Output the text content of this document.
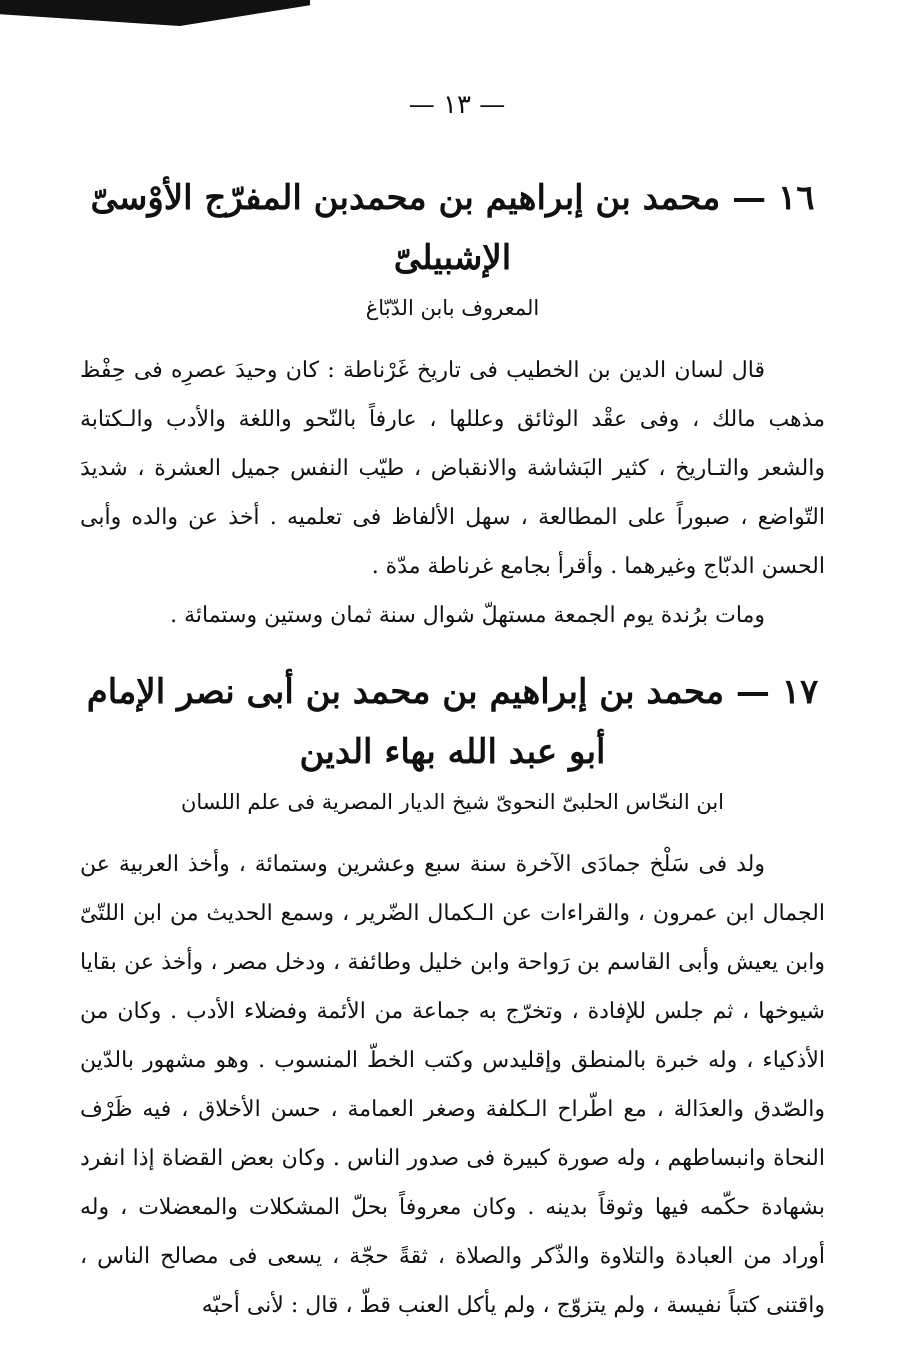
— ١٣ —
١٦ — محمد بن إبراهيم بن محمدبن المفرّج الأوْسىّ الإشبيلىّ
المعروف بابن الدّبّاغ

قال لسان الدين بن الخطيب فى تاريخ غَرْناطة : كان وحيدَ عصرِه فى حِفْظ مذهب مالك ، وفى عقْد الوثائق وعللها ، عارفاً بالنّحو واللغة والأدب والـكتابة والشعر والتـاريخ ، كثير البَشاشة والانقباض ، طيّب النفس جميل العشرة ، شديدَ التّواضع ، صبوراً على المطالعة ، سهل الألفاظ فى تعلميه . أخذ عن والده وأبى الحسن الدبّاج وغيرهما . وأقرأ بجامع غرناطة مدّة .

ومات برُندة يوم الجمعة مستهلّ شوال سنة ثمان وستين وستمائة .

١٧ — محمد بن إبراهيم بن محمد بن أبى نصر الإمام أبو عبد الله بهاء الدين
ابن النحّاس الحلبىّ النحوىّ شيخ الديار المصرية فى علم اللسان

ولد فى سَلْخ جمادَى الآخرة سنة سبع وعشرين وستمائة ، وأخذ العربية عن الجمال ابن عمرون ، والقراءات عن الـكمال الضّرير ، وسمع الحديث من ابن اللتّىّ وابن يعيش وأبى القاسم بن رَواحة وابن خليل وطائفة ، ودخل مصر ، وأخذ عن بقايا شيوخها ، ثم جلس للإفادة ، وتخرّج به جماعة من الأئمة وفضلاء الأدب . وكان من الأذكياء ، وله خبرة بالمنطق وإقليدس وكتب الخطّ المنسوب . وهو مشهور بالدّين والصّدق والعدَالة ، مع اطّراح الـكلفة وصغر العمامة ، حسن الأخلاق ، فيه ظَرْف النحاة وانبساطهم ، وله صورة كبيرة فى صدور الناس . وكان بعض القضاة إذا انفرد بشهادة حكّمه فيها وثوقاً بدينه . وكان معروفاً بحلّ المشكلات والمعضلات ، وله أوراد من العبادة والتلاوة والذّكر والصلاة ، ثقةً حجّة ، يسعى فى مصالح الناس ، واقتنى كتباً نفيسة ، ولم يتزوّج ، ولم يأكل العنب قطّ ، قال : لأنى أحبّه
